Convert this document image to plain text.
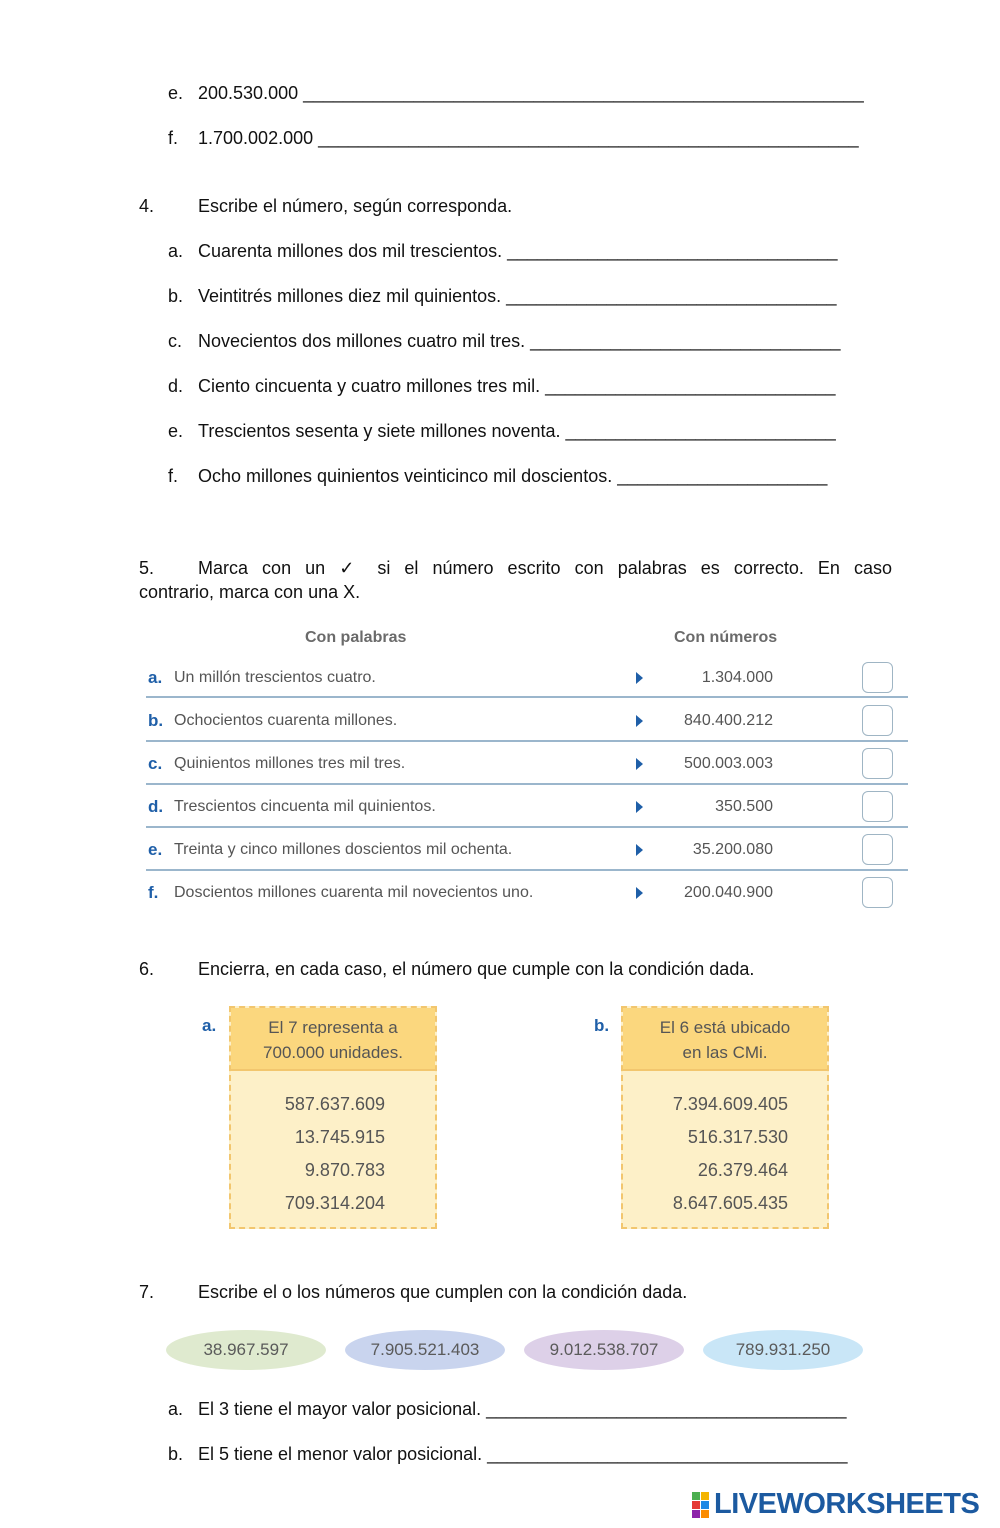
e. 200.530.000 ________________________________________________________
f. 1.700.002.000 ______________________________________________________
4. Escribe el número, según corresponda.
a. Cuarenta millones dos mil trescientos. _________________________________
b. Veintitrés millones diez mil quinientos. _________________________________
c. Novecientos dos millones cuatro mil tres. _______________________________
d. Ciento cincuenta y cuatro millones tres mil. _____________________________
e. Trescientos sesenta y siete millones noventa. ___________________________
f. Ocho millones quinientos veinticinco mil doscientos. _____________________
5. Marca con un ✓ si el número escrito con palabras es correcto. En caso
contrario, marca con una X.
Con palabras	Con números
a. Un millón trescientos cuatro.	1.304.000
b. Ochocientos cuarenta millones.	840.400.212
c. Quinientos millones tres mil tres.	500.003.003
d. Trescientos cincuenta mil quinientos.	350.500
e. Treinta y cinco millones doscientos mil ochenta.	35.200.080
f. Doscientos millones cuarenta mil novecientos uno.	200.040.900
6. Encierra, en cada caso, el número que cumple con la condición dada.
a.	El 7 representa a
700.000 unidades.
587.637.609
13.745.915
9.870.783
709.314.204
b.	El 6 está ubicado
en las CMi.
7.394.609.405
516.317.530
26.379.464
8.647.605.435
7. Escribe el o los números que cumplen con la condición dada.
38.967.597	7.905.521.403	9.012.538.707	789.931.250
a. El 3 tiene el mayor valor posicional. ____________________________________
b. El 5 tiene el menor valor posicional. ____________________________________
LIVEWORKSHEETS
